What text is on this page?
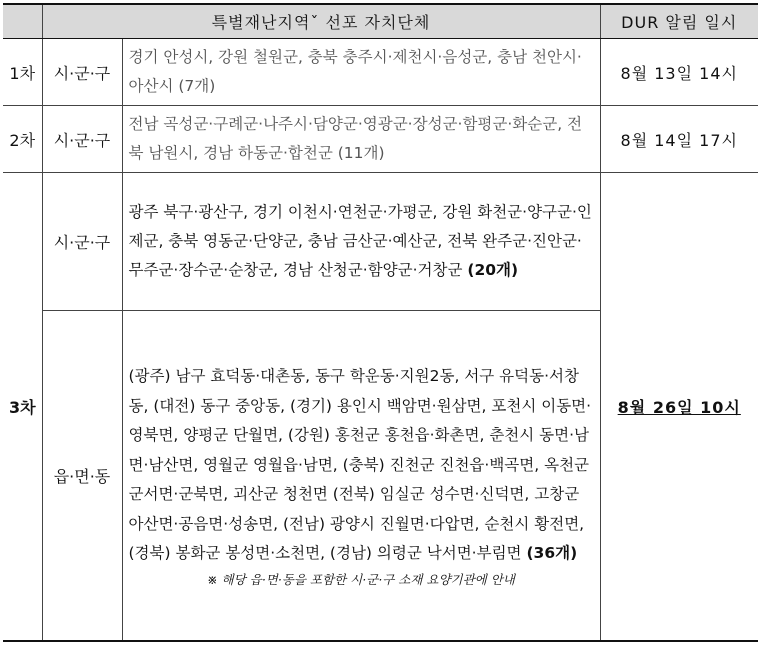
	특별재난지역ˇ 선포 자치단체		DUR 알림 일시
1차	시·군·구	경기 안성시, 강원 철원군, 충북 충주시·제천시·음성군, 충남 천안시·아산시 (7개)	8월 13일 14시
2차	시·군·구	전남 곡성군·구례군·나주시·담양군·영광군·장성군·함평군·화순군, 전북 남원시, 경남 하동군·합천군 (11개)	8월 14일 17시
3차	시·군·구	광주 북구·광산구, 경기 이천시·연천군·가평군, 강원 화천군·양구군·인제군, 충북 영동군·단양군, 충남 금산군·예산군, 전북 완주군·진안군·무주군·장수군·순창군, 경남 산청군·함양군·거창군 (20개)	8월 26일 10시
	읍·면·동	(광주) 남구 효덕동·대촌동, 동구 학운동·지원2동, 서구 유덕동·서창동, (대전) 동구 중앙동, (경기) 용인시 백암면·원삼면, 포천시 이동면·영북면, 양평군 단월면, (강원) 홍천군 홍천읍·화촌면, 춘천시 동면·남면·남산면, 영월군 영월읍·남면, (충북) 진천군 진천읍·백곡면, 옥천군 군서면·군북면, 괴산군 청천면 (전북) 임실군 성수면·신덕면, 고창군 아산면·공음면·성송면, (전남) 광양시 진월면·다압면, 순천시 황전면, (경북) 봉화군 봉성면·소천면, (경남) 의령군 낙서면·부림면 (36개)
※ 해당 읍·면·동을 포함한 시·군·구 소재 요양기관에 안내	
